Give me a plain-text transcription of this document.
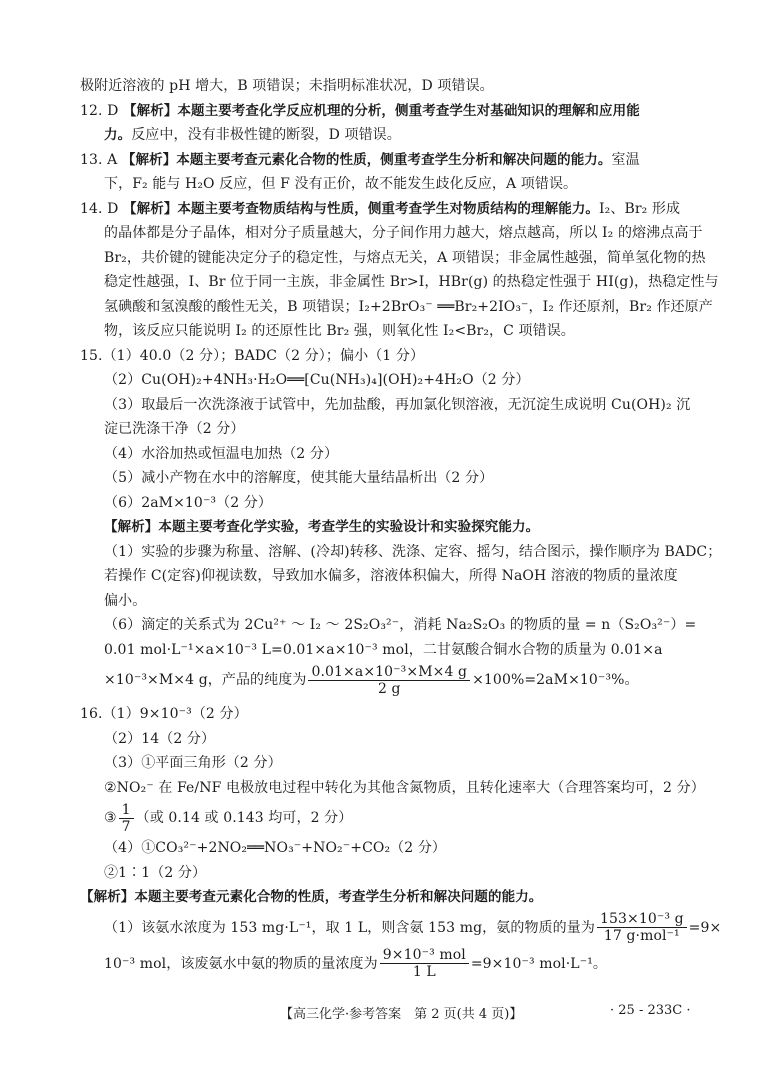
极附近溶液的 pH 增大，B 项错误；未指明标准状况，D 项错误。
12. D 【解析】本题主要考查化学反应机理的分析，侧重考查学生对基础知识的理解和应用能
力。反应中，没有非极性键的断裂，D 项错误。
13. A 【解析】本题主要考查元素化合物的性质，侧重考查学生分析和解决问题的能力。室温
下，F₂ 能与 H₂O 反应，但 F 没有正价，故不能发生歧化反应，A 项错误。
14. D 【解析】本题主要考查物质结构与性质，侧重考查学生对物质结构的理解能力。I₂、Br₂ 形成
的晶体都是分子晶体，相对分子质量越大，分子间作用力越大，熔点越高，所以 I₂ 的熔沸点高于
Br₂，共价键的键能决定分子的稳定性，与熔点无关，A 项错误；非金属性越强，简单氢化物的热
稳定性越强，I、Br 位于同一主族，非金属性 Br>I，HBr(g) 的热稳定性强于 HI(g)，热稳定性与
氢碘酸和氢溴酸的酸性无关，B 项错误；I₂+2BrO₃⁻ ══Br₂+2IO₃⁻，I₂ 作还原剂，Br₂ 作还原产
物，该反应只能说明 I₂ 的还原性比 Br₂ 强，则氧化性 I₂<Br₂，C 项错误。
15.（1）40.0（2 分）；BADC（2 分）；偏小（1 分）
（2）Cu(OH)₂+4NH₃·H₂O══[Cu(NH₃)₄](OH)₂+4H₂O（2 分）
（3）取最后一次洗涤液于试管中，先加盐酸，再加氯化钡溶液，无沉淀生成说明 Cu(OH)₂ 沉
淀已洗涤干净（2 分）
（4）水浴加热或恒温电加热（2 分）
（5）减小产物在水中的溶解度，使其能大量结晶析出（2 分）
（6）2aM×10⁻³（2 分）
【解析】本题主要考查化学实验，考查学生的实验设计和实验探究能力。
（1）实验的步骤为称量、溶解、(冷却)转移、洗涤、定容、摇匀，结合图示，操作顺序为 BADC；
若操作 C(定容)仰视读数，导致加水偏多，溶液体积偏大，所得 NaOH 溶液的物质的量浓度
偏小。
（6）滴定的关系式为 2Cu²⁺ ～ I₂ ～ 2S₂O₃²⁻，消耗 Na₂S₂O₃ 的物质的量 = n（S₂O₃²⁻）=
0.01 mol·L⁻¹×a×10⁻³ L=0.01×a×10⁻³ mol，二甘氨酸合铜水合物的质量为 0.01×a
×10⁻³×M×4 g，产品的纯度为 $\frac{\text{0.01×a×10⁻³×M×4 g}}{2 g} \times 100\%=2aM\times 10^{-3}\%$。
16.（1）9×10⁻³（2 分）
（2）14（2 分）
（3）①平面三角形（2 分）
②NO₂⁻ 在 Fe/NF 电极放电过程中转化为其他含氮物质，且转化速率大（合理答案均可，2 分）
③ $\frac{1}{7}$ （或 0.14 或 0.143 均可，2 分）
（4）①CO₃²⁻+2NO₂══NO₃⁻+NO₂⁻+CO₂（2 分）
②1∶1（2 分）
【解析】本题主要考查元素化合物的性质，考查学生分析和解决问题的能力。
（1）该氨水浓度为 153 mg·L⁻¹，取 1 L，则含氨 153 mg，氨的物质的量为 $\frac{\text{153×10⁻³ g}}{\text{17 g·mol⁻¹}} =9\times$
10⁻³ mol，该废氨水中氨的物质的量浓度为 $\frac{\text{9×10⁻³ mol}}{1 L} =9\times 10^{-3}$ mol·L⁻¹。
【高三化学·参考答案　第 2 页(共 4 页)】	· 25 - 233C ·
